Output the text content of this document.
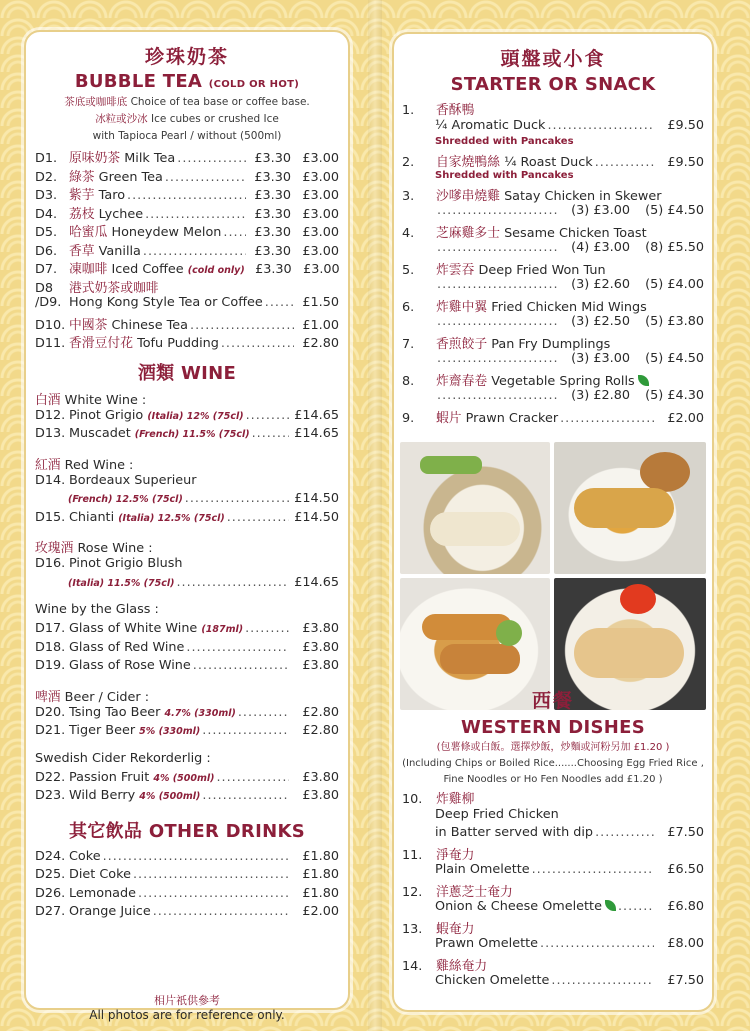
珍珠奶茶
BUBBLE TEA (COLD OR HOT)
茶底或咖啡底 Choice of tea base or coffee base.
冰粒或沙冰 Ice cubes or crushed Ice
with Tapioca Pearl / without (500ml)
D1. 原味奶茶 Milk Tea .....	£3.30 £3.00
D2. 綠茶 Green Tea .....	£3.30 £3.00
D3. 紫芋 Taro .....	£3.30 £3.00
D4. 荔枝 Lychee .....	£3.30 £3.00
D5. 哈蜜瓜 Honeydew Melon .....	£3.30 £3.00
D6. 香草 Vanilla .....	£3.30 £3.00
D7. 凍咖啡 Iced Coffee (cold only) £3.30 £3.00
D8	港式奶茶或咖啡
/D9. Hong Kong Style Tea or Coffee .....	£1.50
D10. 中國茶 Chinese Tea .....	£1.00
D11. 香滑豆付花 Tofu Pudding .....	£2.80
酒類 WINE
白酒 White Wine :
D12. Pinot Grigio (Italia) 12% (75cl) .....	£14.65
D13. Muscadet (French) 11.5% (75cl) .....	£14.65
紅酒 Red Wine :
D14. Bordeaux Superieur
(French) 12.5% (75cl) .....	£14.50
D15. Chianti (Italia) 12.5% (75cl) .....	£14.50
玫瑰酒 Rose Wine :
D16. Pinot Grigio Blush
(Italia) 11.5% (75cl) .....	£14.65
Wine by the Glass :
D17. Glass of White Wine (187ml) .....	£3.80
D18. Glass of Red Wine .....	£3.80
D19. Glass of Rose Wine .....	£3.80
啤酒 Beer / Cider :
D20. Tsing Tao Beer 4.7% (330ml) .....	£2.80
D21. Tiger Beer 5% (330ml) .....	£2.80
Swedish Cider Rekorderlig :
D22. Passion Fruit 4% (500ml) .....	£3.80
D23. Wild Berry 4% (500ml) .....	£3.80
其它飲品 OTHER DRINKS
D24. Coke .....	£1.80
D25. Diet Coke .....	£1.80
D26. Lemonade .....	£1.80
D27. Orange Juice .....	£2.00
相片祇供參考
All photos are for reference only.
頭盤或小食
STARTER OR SNACK
1.	香酥鴨
¼ Aromatic Duck .....	£9.50
Shredded with Pancakes
2.	自家燒鴨絲 ¼ Roast Duck .....	£9.50
Shredded with Pancakes
3.	沙嗲串燒雞 Satay Chicken in Skewer
.....
(3) £3.00	(5) £4.50
4.	芝麻雞多士 Sesame Chicken Toast
.....
(4) £3.00	(8) £5.50
5.	炸雲吞 Deep Fried Won Tun
.....
(3) £2.60	(5) £4.00
6.	炸雞中翼 Fried Chicken Mid Wings
.....
(3) £2.50	(5) £3.80
7.	香煎餃子 Pan Fry Dumplings
.....
(3) £3.00	(5) £4.50
8.	炸齋春卷 Vegetable Spring Rolls
.....
(3) £2.80	(5) £4.30
9.	蝦片 Prawn Cracker .....	£2.00
西餐
WESTERN DISHES
(包薯條或白飯。選擇炒飯，炒麵或河粉另加 £1.20 )
(Including Chips or Boiled Rice.......Choosing Egg Fried Rice ,
Fine Noodles or Ho Fen Noodles add £1.20 )
10.	炸雞柳
Deep Fried Chicken
in Batter served with dip .....	£7.50
11.	淨奄力
Plain Omelette .....	£6.50
12.	洋蔥芝士奄力
Onion & Cheese Omelette .....	£6.80
13.	蝦奄力
Prawn Omelette .....	£8.00
14.	雞絲奄力
Chicken Omelette .....	£7.50
